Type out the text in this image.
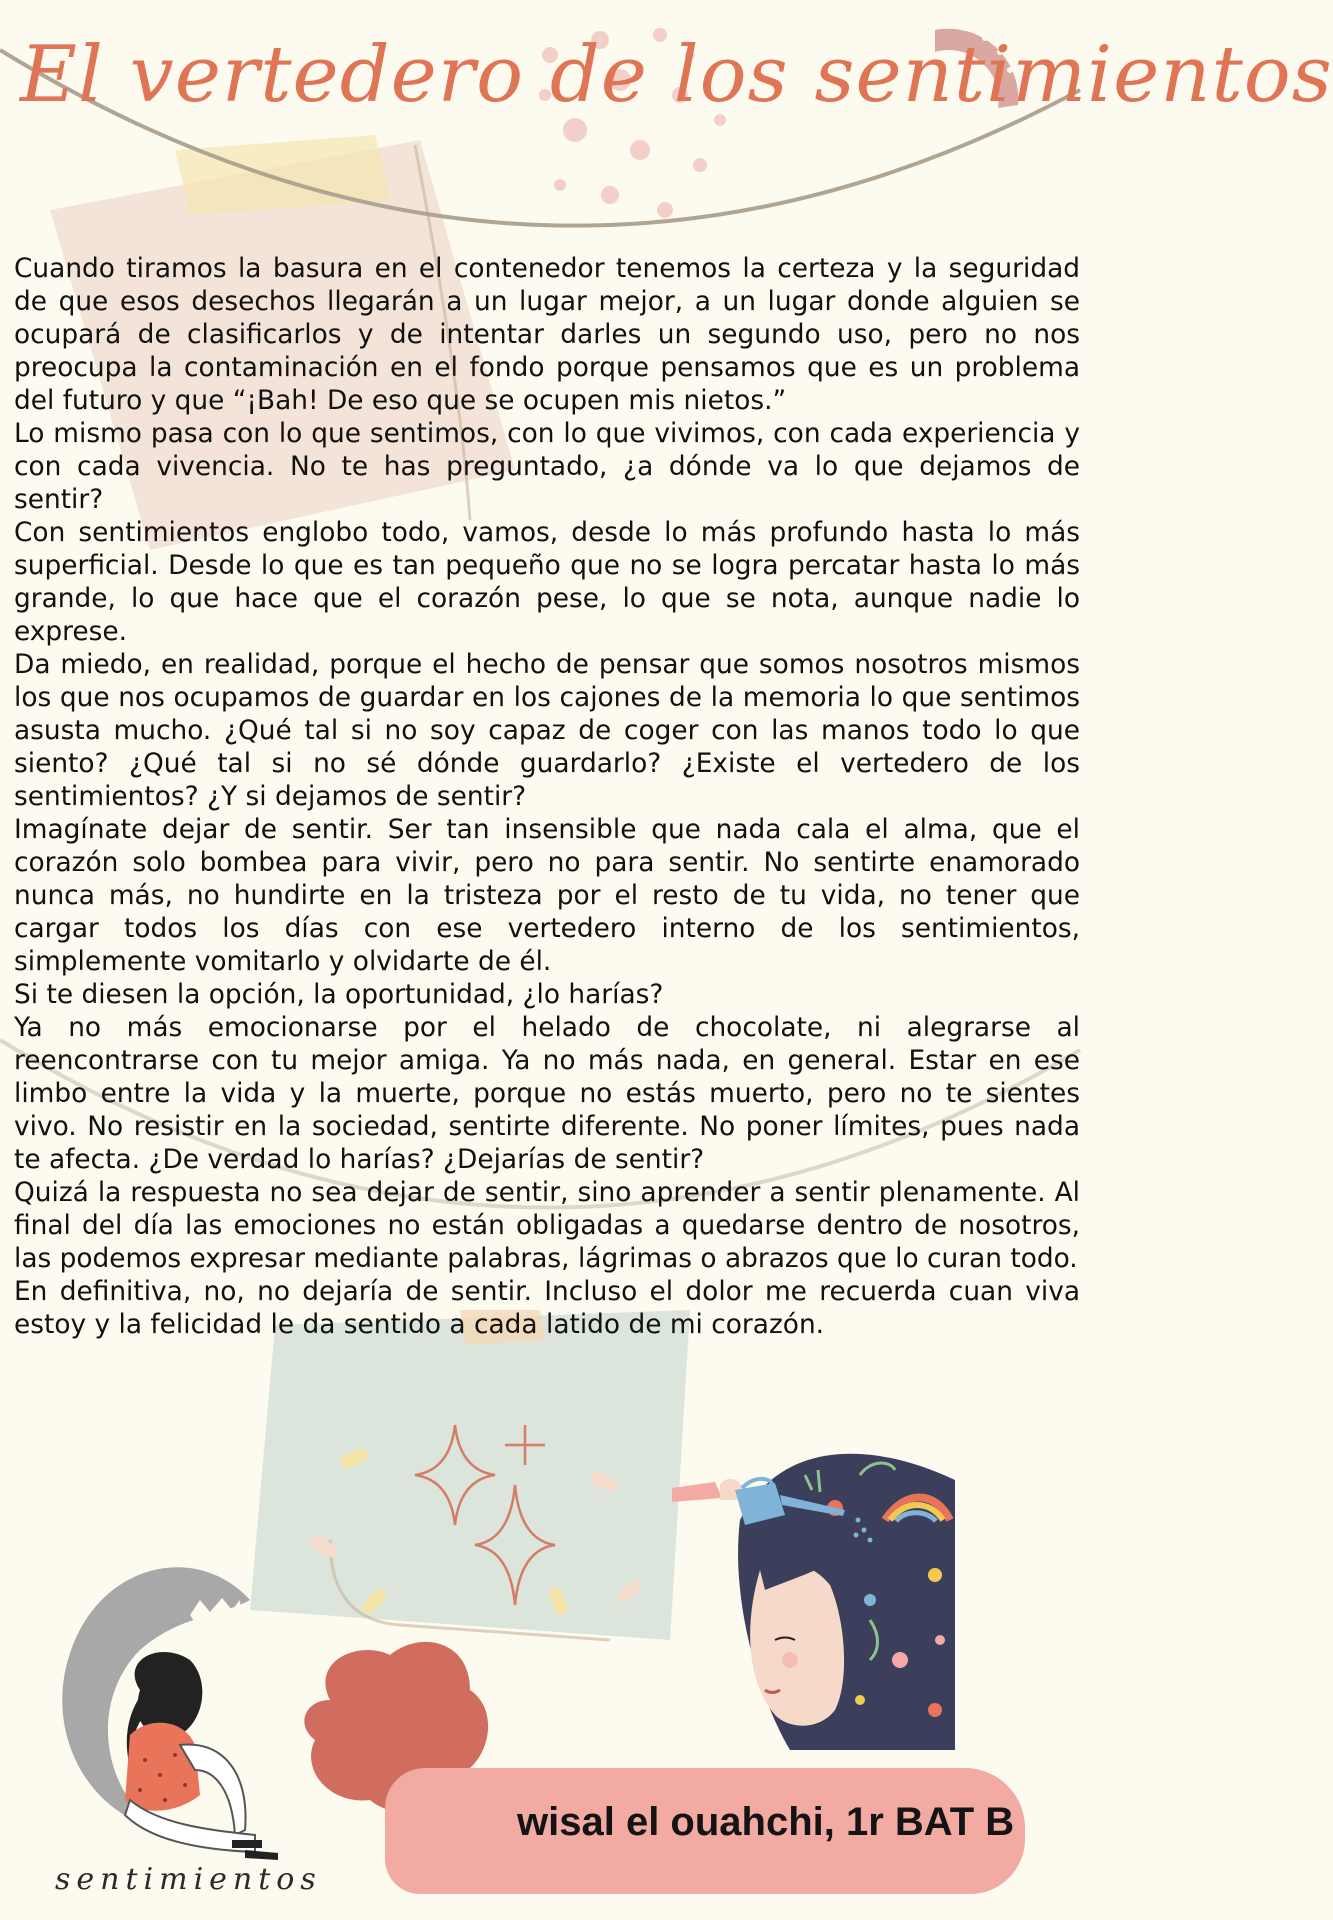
El vertedero de los sentimientos

Cuando tiramos la basura en el contenedor tenemos la certeza y la seguridad de que esos desechos llegarán a un lugar mejor, a un lugar donde alguien se ocupará de clasificarlos y de intentar darles un segundo uso, pero no nos preocupa la contaminación en el fondo porque pensamos que es un problema del futuro y que “¡Bah! De eso que se ocupen mis nietos.”

Lo mismo pasa con lo que sentimos, con lo que vivimos, con cada experiencia y con cada vivencia. No te has preguntado, ¿a dónde va lo que dejamos de sentir?

Con sentimientos englobo todo, vamos, desde lo más profundo hasta lo más superficial. Desde lo que es tan pequeño que no se logra percatar hasta lo más grande, lo que hace que el corazón pese, lo que se nota, aunque nadie lo exprese.

Da miedo, en realidad, porque el hecho de pensar que somos nosotros mismos los que nos ocupamos de guardar en los cajones de la memoria lo que sentimos asusta mucho. ¿Qué tal si no soy capaz de coger con las manos todo lo que siento? ¿Qué tal si no sé dónde guardarlo? ¿Existe el vertedero de los sentimientos? ¿Y si dejamos de sentir?

Imagínate dejar de sentir. Ser tan insensible que nada cala el alma, que el corazón solo bombea para vivir, pero no para sentir. No sentirte enamorado nunca más, no hundirte en la tristeza por el resto de tu vida, no tener que cargar todos los días con ese vertedero interno de los sentimientos, simplemente vomitarlo y olvidarte de él.

Si te diesen la opción, la oportunidad, ¿lo harías?

Ya no más emocionarse por el helado de chocolate, ni alegrarse al reencontrarse con tu mejor amiga. Ya no más nada, en general. Estar en ese limbo entre la vida y la muerte, porque no estás muerto, pero no te sientes vivo. No resistir en la sociedad, sentirte diferente. No poner límites, pues nada te afecta. ¿De verdad lo harías? ¿Dejarías de sentir?

Quizá la respuesta no sea dejar de sentir, sino aprender a sentir plenamente. Al final del día las emociones no están obligadas a quedarse dentro de nosotros, las podemos expresar mediante palabras, lágrimas o abrazos que lo curan todo.

En definitiva, no, no dejaría de sentir. Incluso el dolor me recuerda cuan viva estoy y la felicidad le da sentido a cada latido de mi corazón.

wisal el ouahchi, 1r BAT B

sentimientos
